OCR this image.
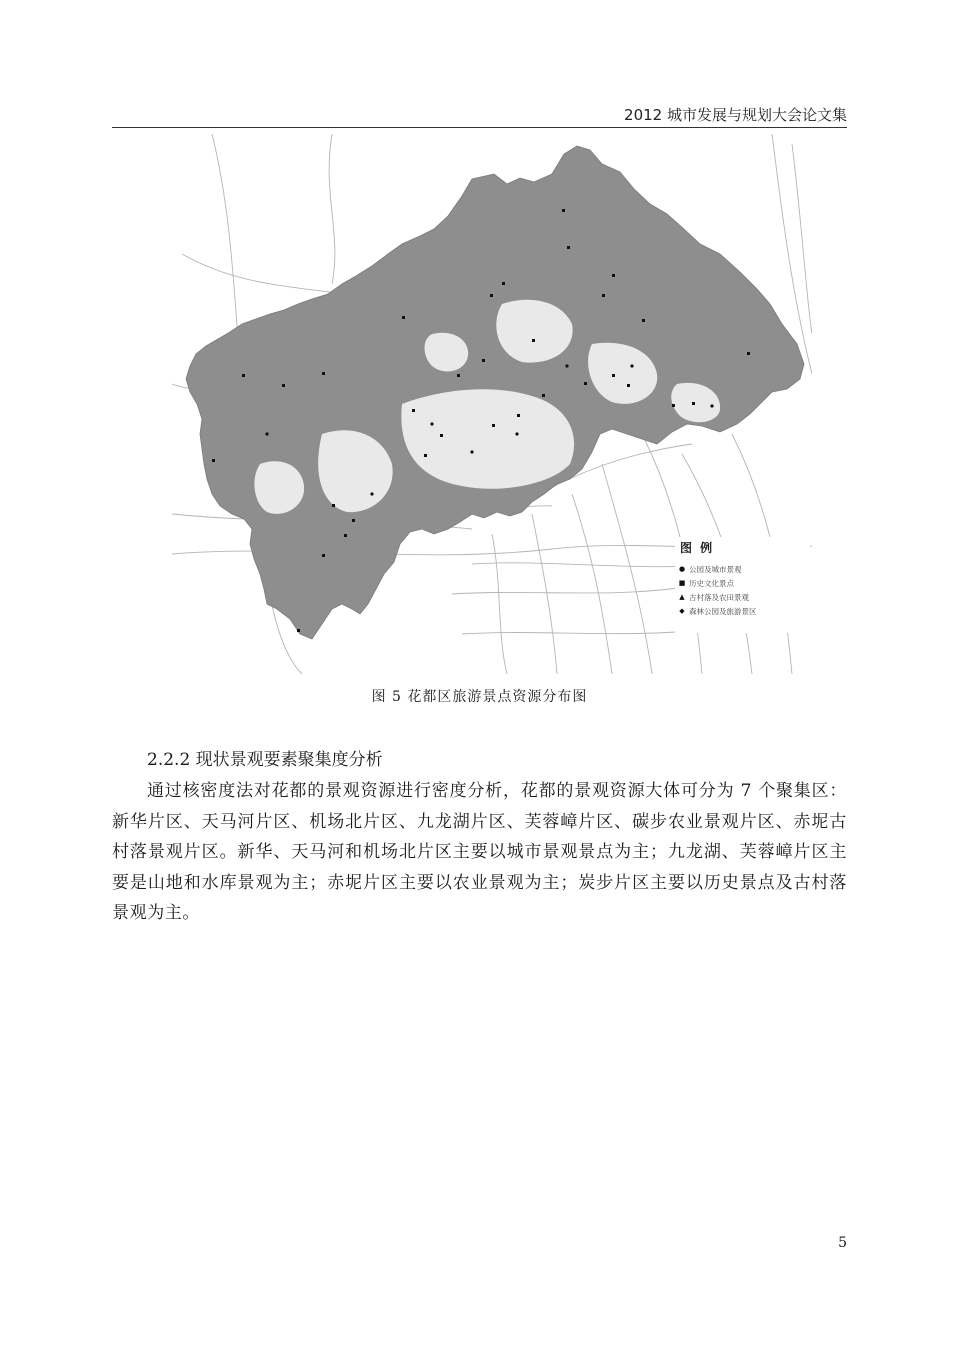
2012 城市发展与规划大会论文集
图 例
● 公园及城市景观
■ 历史文化景点
▲ 古村落及农田景观
◆ 森林公园及旅游景区
图 5 花都区旅游景点资源分布图
2.2.2 现状景观要素聚集度分析

通过核密度法对花都的景观资源进行密度分析，花都的景观资源大体可分为 7 个聚集区：新华片区、天马河片区、机场北片区、九龙湖片区、芙蓉嶂片区、碳步农业景观片区、赤坭古村落景观片区。新华、天马河和机场北片区主要以城市景观景点为主；九龙湖、芙蓉嶂片区主要是山地和水库景观为主；赤坭片区主要以农业景观为主；炭步片区主要以历史景点及古村落景观为主。

5
